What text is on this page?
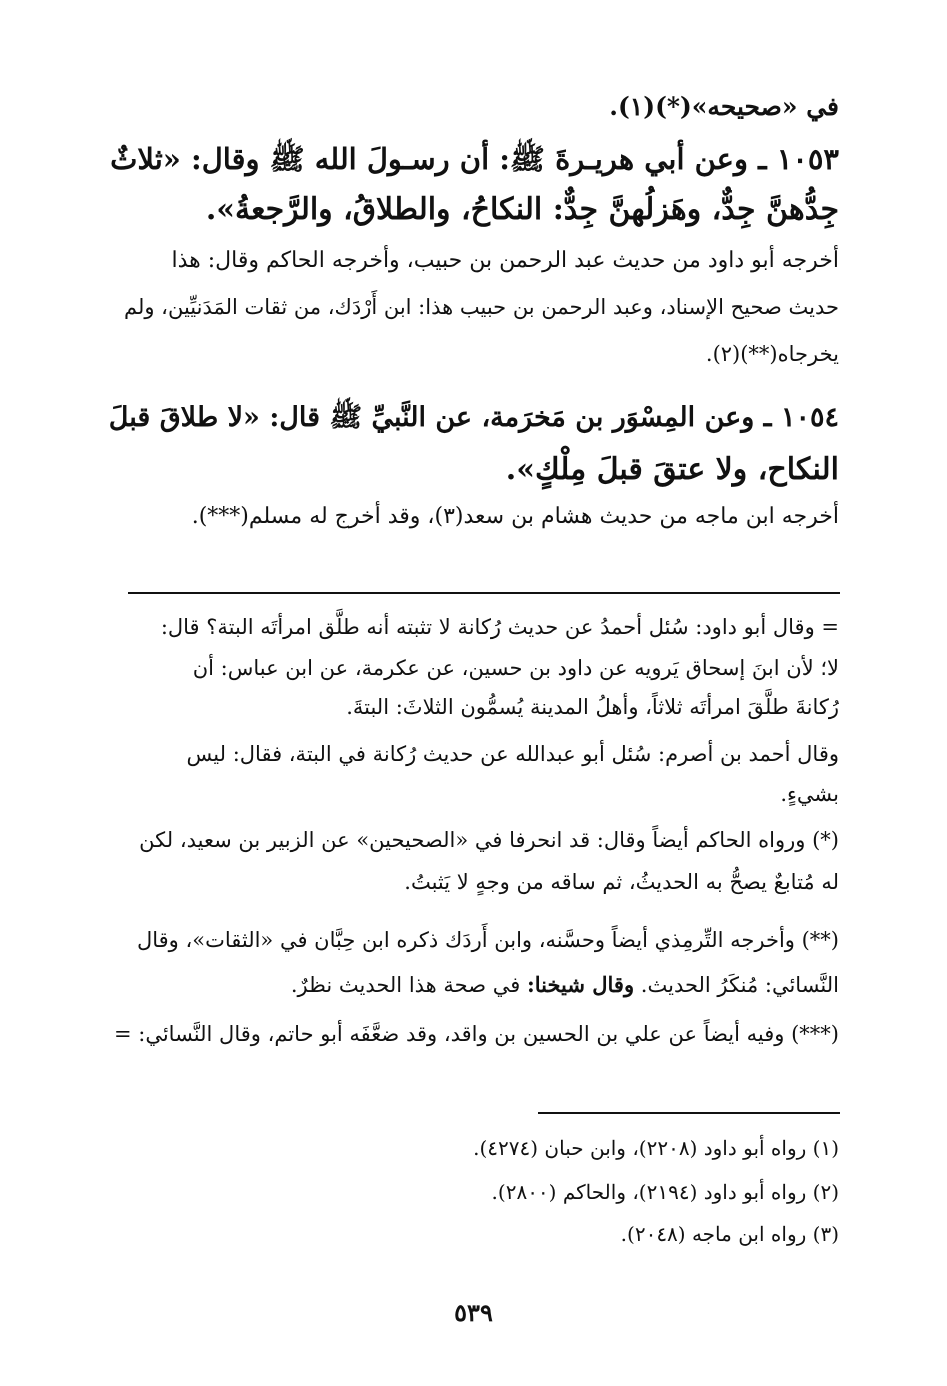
في «صحيحه»(*)(١).
١٠٥٣ ـ وعن أبي هريـرةَ ﷺ: أن رسـولَ الله ﷺ وقال: «ثلاثٌ
جِدُّهنَّ جِدٌّ، وهَزلُهنَّ جِدٌّ: النكاحُ، والطلاقُ، والرَّجعةُ».
أخرجه أبو داود من حديث عبد الرحمن بن حبيب، وأخرجه الحاكم وقال: هذا
حديث صحيح الإسناد، وعبد الرحمن بن حبيب هذا: ابن أَرْدَك، من ثقات المَدَنيِّين، ولم
يخرجاه(**)(٢).
١٠٥٤ ـ وعن المِسْوَر بن مَخرَمة، عن النَّبيِّ ﷺ قال: «لا طلاقَ قبلَ
النكاح، ولا عتقَ قبلَ مِلْكٍ».
أخرجه ابن ماجه من حديث هشام بن سعد(٣)، وقد أخرج له مسلم(***).
= وقال أبو داود: سُئل أحمدُ عن حديث رُكانة لا تثبته أنه طلَّق امرأتَه البتة؟ قال:
لا؛ لأن ابنَ إسحاق يَرويه عن داود بن حسين، عن عكرمة، عن ابن عباس: أن
رُكانةَ طلَّقَ امرأتَه ثلاثاً، وأهلُ المدينة يُسمُّون الثلاثَ: البتةَ.
وقال أحمد بن أصرم: سُئل أبو عبدالله عن حديث رُكانة في البتة، فقال: ليس
بشيءٍ.
(*) ورواه الحاكم أيضاً وقال: قد انحرفا في «الصحيحين» عن الزبير بن سعيد، لكن
له مُتابعٌ يصحُّ به الحديثُ، ثم ساقه من وجهٍ لا يَثبتُ.
(**) وأخرجه التِّرمِذي أيضاً وحسَّنه، وابن أَردَك ذكره ابن حِبَّان في «الثقات»، وقال
النَّسائي: مُنكَرُ الحديث. وقال شيخنا: في صحة هذا الحديث نظرٌ.
(***) وفيه أيضاً عن علي بن الحسين بن واقد، وقد ضعَّفَه أبو حاتم، وقال النَّسائي: =
(١) رواه أبو داود (٢٢٠٨)، وابن حبان (٤٢٧٤).
(٢) رواه أبو داود (٢١٩٤)، والحاكم (٢٨٠٠).
(٣) رواه ابن ماجه (٢٠٤٨).
٥٣٩
